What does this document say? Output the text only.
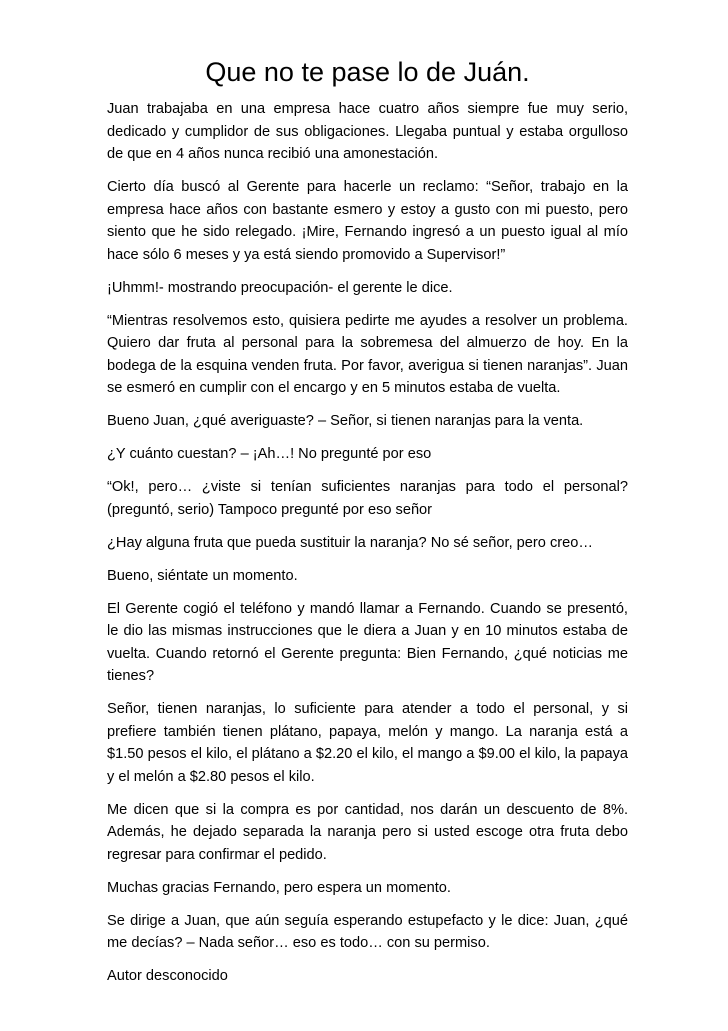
Que no te pase lo de Juán.

Juan trabajaba en una empresa hace cuatro años siempre fue muy serio, dedicado y cumplidor de sus obligaciones. Llegaba puntual y estaba orgulloso de que en 4 años nunca recibió una amonestación.

Cierto día buscó al Gerente para hacerle un reclamo: “Señor, trabajo en la empresa hace años con bastante esmero y estoy a gusto con mi puesto, pero siento que he sido relegado. ¡Mire, Fernando ingresó a un puesto igual al mío hace sólo 6 meses y ya está siendo promovido a Supervisor!”

¡Uhmm!- mostrando preocupación- el gerente le dice.

“Mientras resolvemos esto, quisiera pedirte me ayudes a resolver un problema. Quiero dar fruta al personal para la sobremesa del almuerzo de hoy. En la bodega de la esquina venden fruta. Por favor, averigua si tienen naranjas”. Juan se esmeró en cumplir con el encargo y en 5 minutos estaba de vuelta.

Bueno Juan, ¿qué averiguaste? – Señor, si tienen naranjas para la venta.

¿Y cuánto cuestan? – ¡Ah…! No pregunté por eso

“Ok!, pero… ¿viste si tenían suficientes naranjas para todo el personal? (preguntó, serio) Tampoco pregunté por eso señor

¿Hay alguna fruta que pueda sustituir la naranja? No sé señor, pero creo…

Bueno, siéntate un momento.

El Gerente cogió el teléfono y mandó llamar a Fernando. Cuando se presentó, le dio las mismas instrucciones que le diera a Juan y en 10 minutos estaba de vuelta. Cuando retornó el Gerente pregunta: Bien Fernando, ¿qué noticias me tienes?

Señor, tienen naranjas, lo suficiente para atender a todo el personal, y si prefiere también tienen plátano, papaya, melón y mango. La naranja está a $1.50 pesos el kilo, el plátano a $2.20 el kilo, el mango a $9.00 el kilo, la papaya y el melón a $2.80 pesos el kilo.

Me dicen que si la compra es por cantidad, nos darán un descuento de 8%. Además, he dejado separada la naranja pero si usted escoge otra fruta debo regresar para confirmar el pedido.

Muchas gracias Fernando, pero espera un momento.

Se dirige a Juan, que aún seguía esperando estupefacto y le dice: Juan, ¿qué me decías? – Nada señor… eso es todo… con su permiso.

Autor desconocido
